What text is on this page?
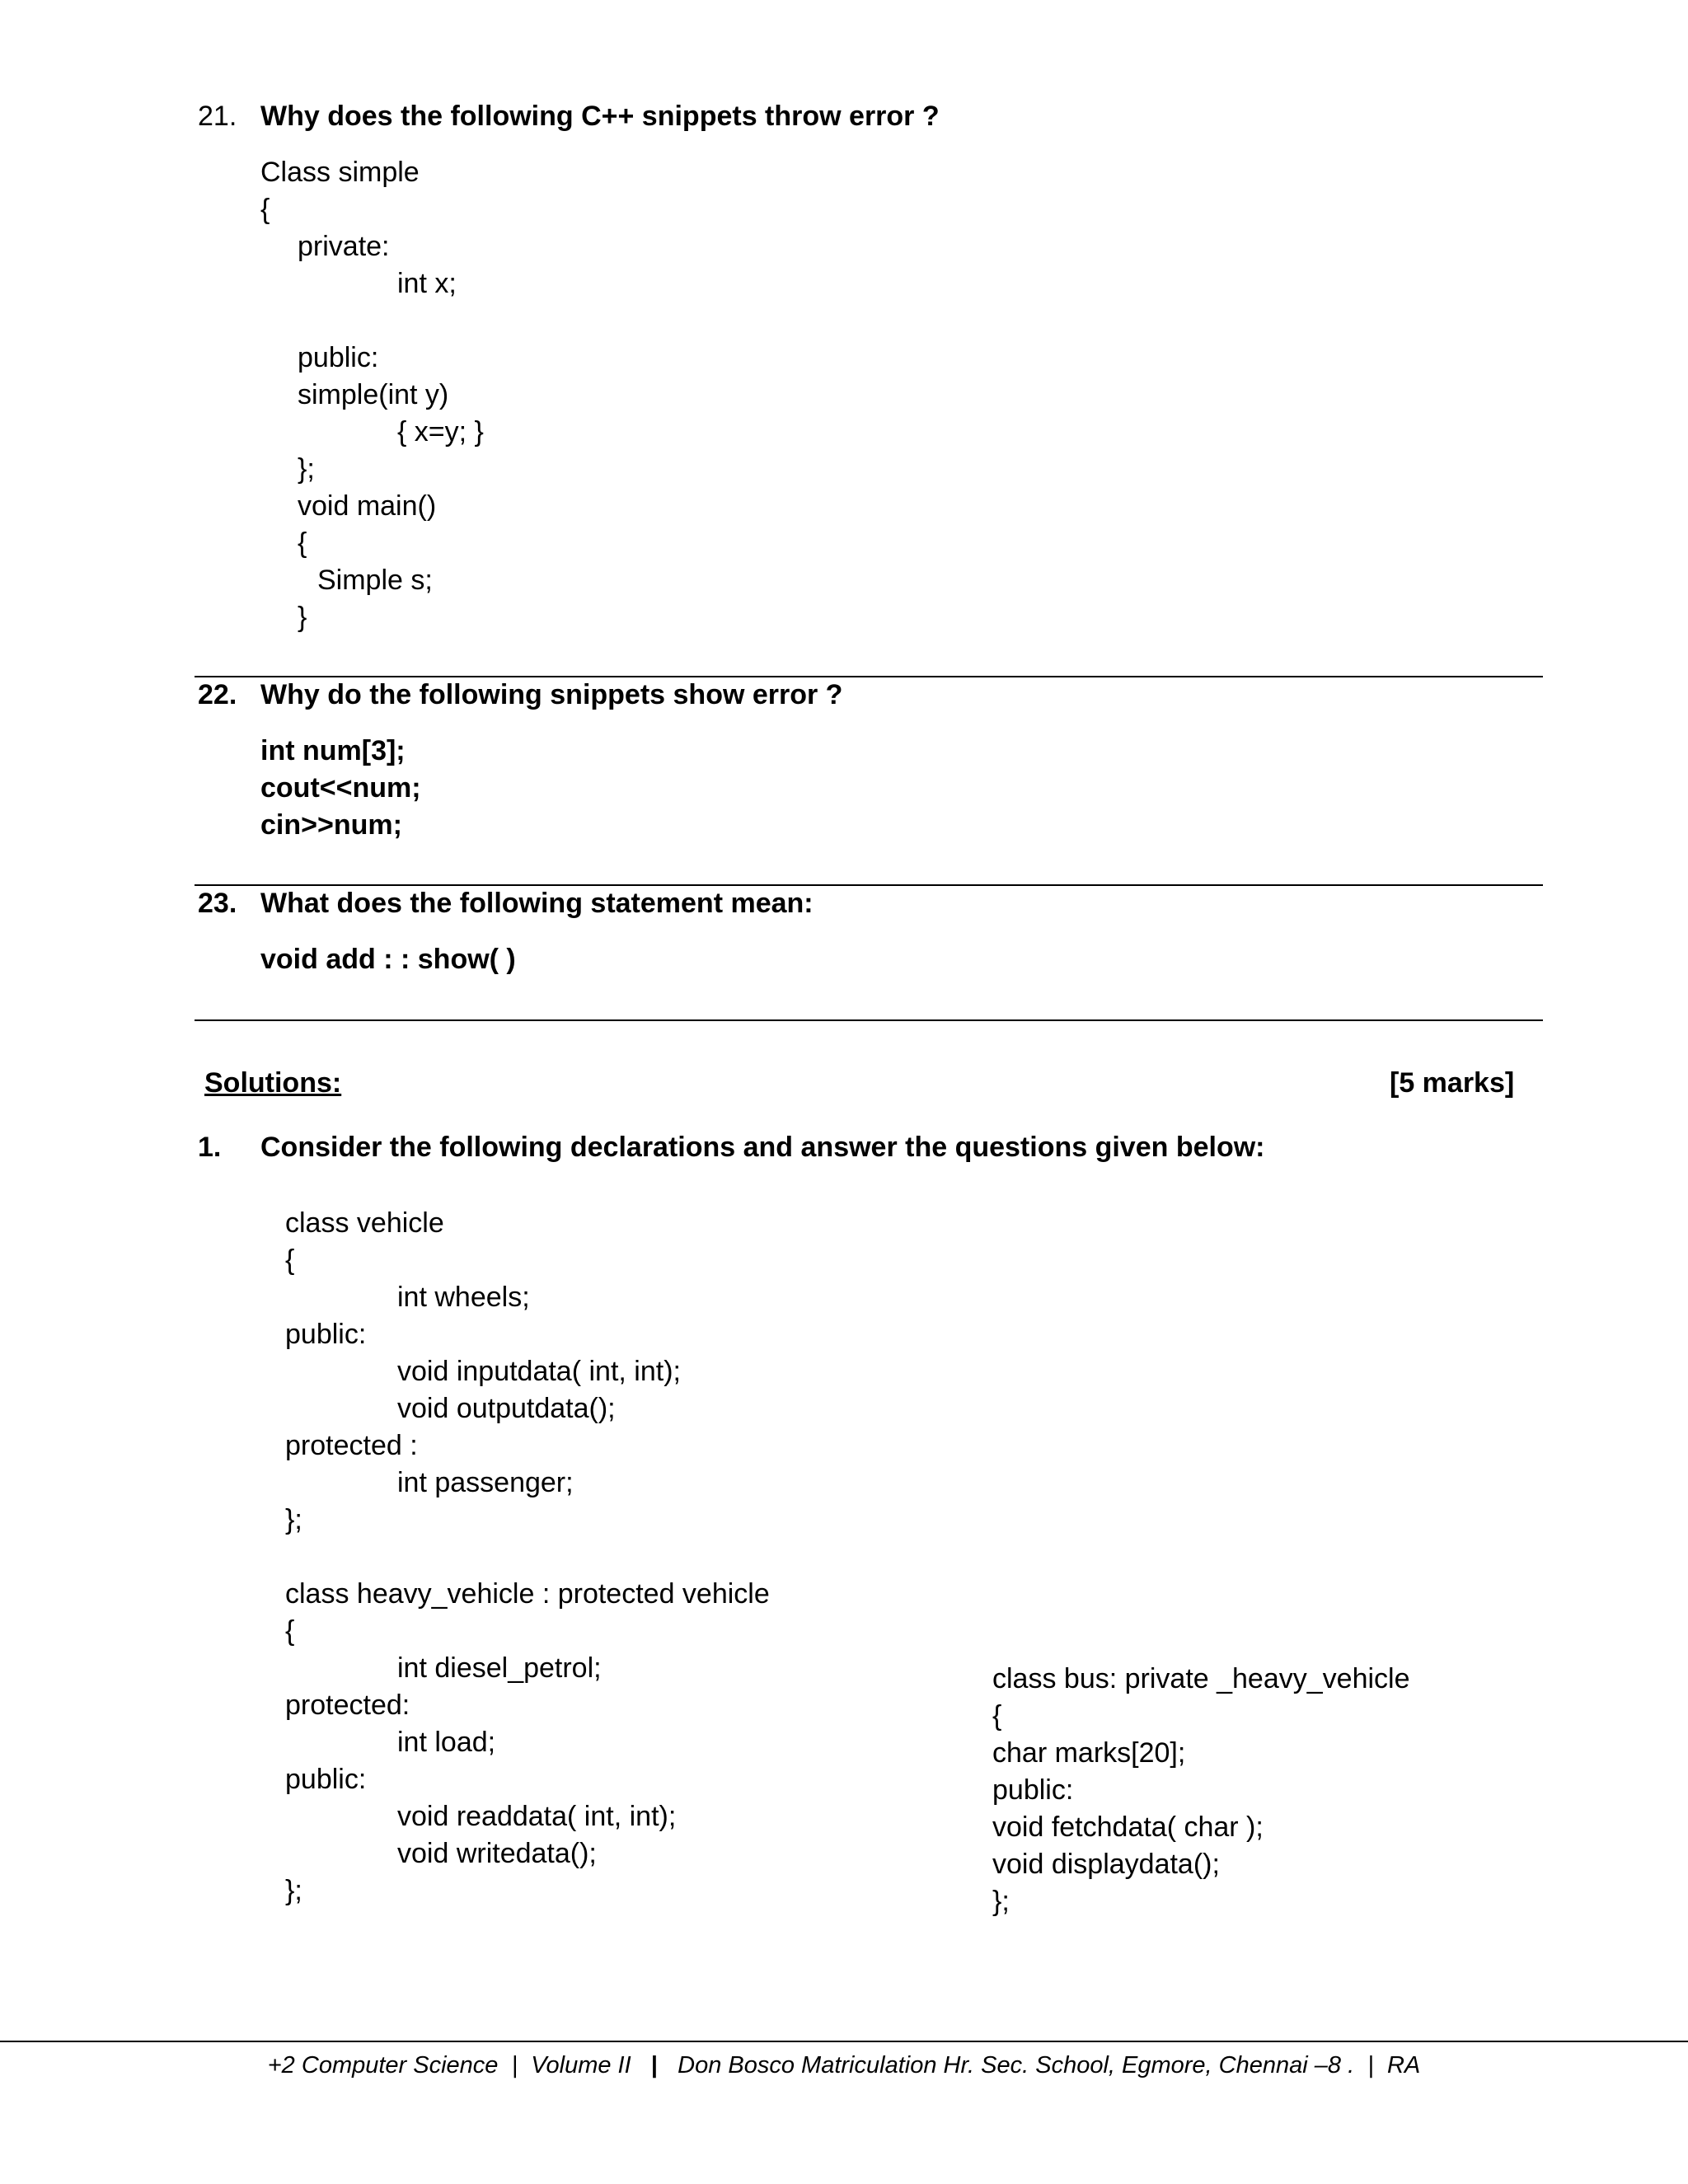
21. Why does the following C++ snippets throw error ?
Class simple
{
private:
int x;
public:
simple(int y)
{ x=y; }
};
void main()
{
Simple s;
}
22. Why do the following snippets show error ?
int num[3];
cout<<num;
cin>>num;
23. What does the following statement mean:
void add : : show( )
Solutions:	[5 marks]
1. Consider the following declarations and answer the questions given below:
class vehicle
{
int wheels;
public:
void inputdata( int, int);
void outputdata();
protected :
int passenger;
};
class heavy_vehicle : protected vehicle
{
int diesel_petrol;
protected:
int load;
public:
void readdata( int, int);
void writedata();
};
class bus: private _heavy_vehicle
{
char marks[20];
public:
void fetchdata( char );
void displaydata();
};
+2 Computer Science | Volume II | Don Bosco Matriculation Hr. Sec. School, Egmore, Chennai –8 . | RA
